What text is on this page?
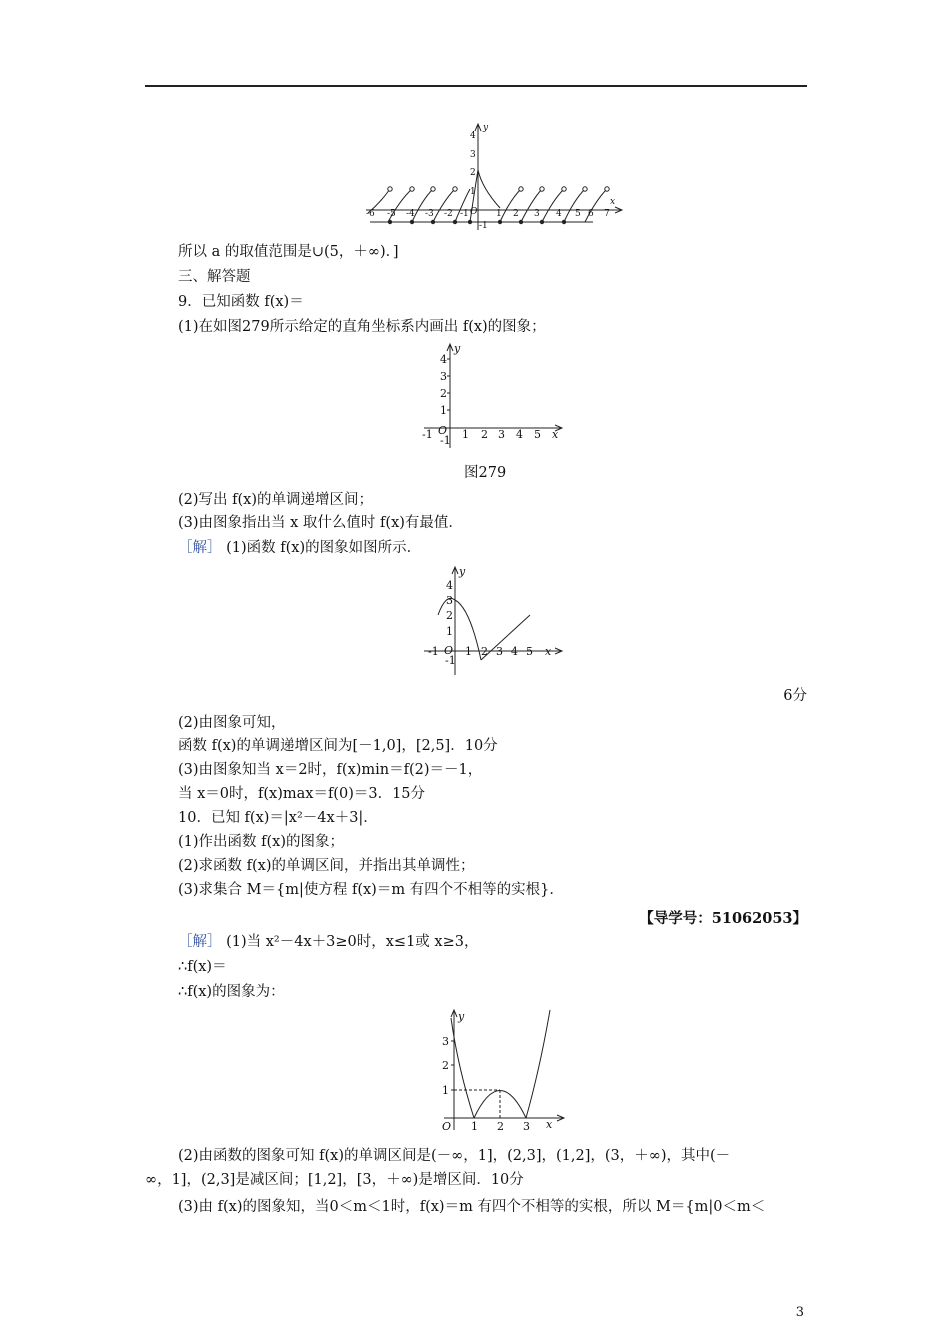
-6 -5 -4 -3 -2 -1	1 2 3 4 5 6 7
1
2
3
4
-1
O
x
y
所以 a 的取值范围是∪(5，＋∞)．]
三、解答题
9．已知函数 f(x)＝
(1)在如图279所示给定的直角坐标系内画出 f(x)的图象；
1
2
3
4
-1 O
-1 1 2 3 4 5 x
y
图279
(2)写出 f(x)的单调递增区间；
(3)由图象指出当 x 取什么值时 f(x)有最值．
［解］ (1)函数 f(x)的图象如图所示．
1
2
3
4
-1 O
-1
1 2 3 4 5 x
y
6分
(2)由图象可知，
函数 f(x)的单调递增区间为[－1,0]，[2,5]．10分
(3)由图象知当 x＝2时，f(x)min＝f(2)＝－1，
当 x＝0时，f(x)max＝f(0)＝3．15分
10．已知 f(x)＝|x²－4x＋3|．
(1)作出函数 f(x)的图象；
(2)求函数 f(x)的单调区间，并指出其单调性；
(3)求集合 M＝{m|使方程 f(x)＝m 有四个不相等的实根}．
【导学号：51062053】
［解］ (1)当 x²－4x＋3≥0时，x≤1或 x≥3，
∴f(x)＝
∴f(x)的图象为：
1
2
3
O 1 2 3 x
y
(2)由函数的图象可知 f(x)的单调区间是(－∞，1]，(2,3]，(1,2]，(3，＋∞)，其中(－
∞，1]，(2,3]是减区间；[1,2]，[3，＋∞)是增区间．10分
(3)由 f(x)的图象知，当0＜m＜1时，f(x)＝m 有四个不相等的实根，所以 M＝{m|0＜m＜
3
